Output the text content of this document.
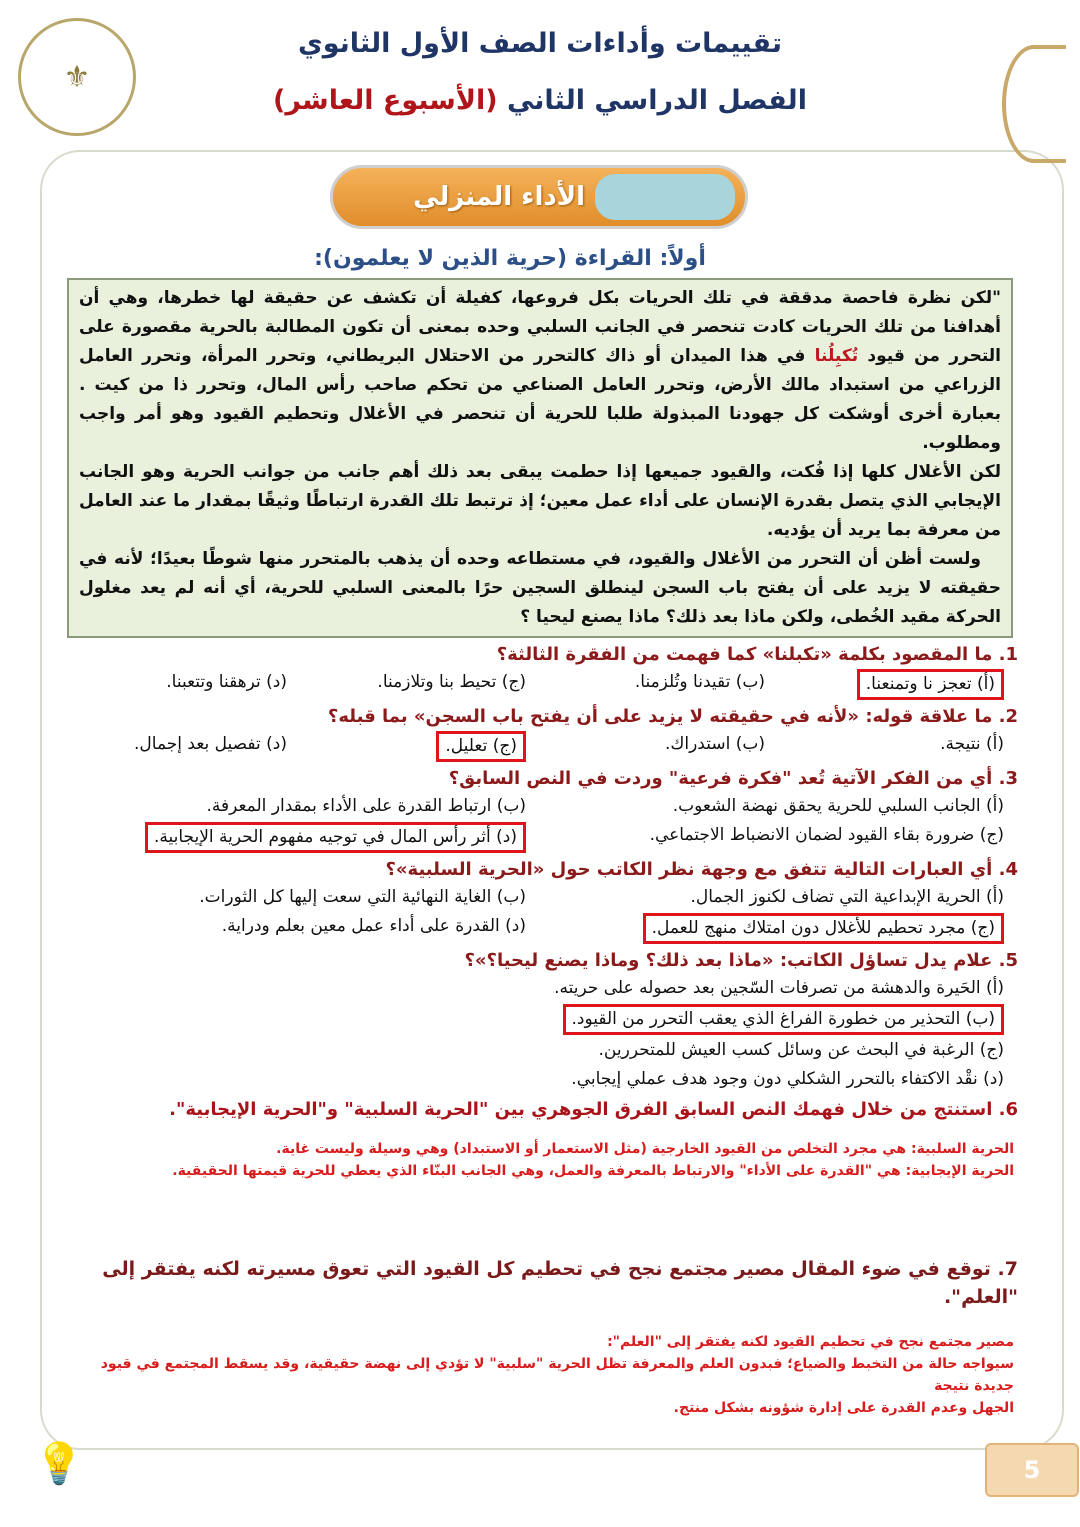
⚜
تقييمات وأداءات الصف الأول الثانوي
الفصل الدراسي الثاني (الأسبوع العاشر)
الأداء المنزلي
أولاً: القراءة (حرية الذين لا يعلمون):

"لكن نظرة فاحصة مدققة في تلك الحريات بكل فروعها، كفيلة أن تكشف عن حقيقة لها خطرها، وهي أن أهدافنا من تلك الحريات كادت تنحصر في الجانب السلبي وحده بمعنى أن تكون المطالبة بالحرية مقصورة على التحرر من قيود تُكبِلُنا في هذا الميدان أو ذاك كالتحرر من الاحتلال البريطاني، وتحرر المرأة، وتحرر العامل الزراعي من استبداد مالك الأرض، وتحرر العامل الصناعي من تحكم صاحب رأس المال، وتحرر ذا من كيت . بعبارة أخرى أوشكت كل جهودنا المبذولة طلبا للحرية أن تنحصر في الأغلال وتحطيم القيود وهو أمر واجب ومطلوب.

لكن الأغلال كلها إذا فُكت، والقيود جميعها إذا حطمت يبقى بعد ذلك أهم جانب من جوانب الحرية وهو الجانب الإيجابي الذي يتصل بقدرة الإنسان على أداء عمل معين؛ إذ ترتبط تلك القدرة ارتباطًا وثيقًا بمقدار ما عند العامل من معرفة بما يريد أن يؤديه.

ولست أظن أن التحرر من الأغلال والقيود، في مستطاعه وحده أن يذهب بالمتحرر منها شوطًا بعيدًا؛ لأنه في حقيقته لا يزيد على أن يفتح باب السجن لينطلق السجين حرًا بالمعنى السلبي للحرية، أي أنه لم يعد مغلول الحركة مقيد الخُطى، ولكن ماذا بعد ذلك؟ ماذا يصنع ليحيا ؟

1. ما المقصود بكلمة «تكبلنا» كما فهمت من الفقرة الثالثة؟
(أ) تعجز نا وتمنعنا.
(ب) تقيدنا وتُلزمنا.
(ج) تحيط بنا وتلازمنا.
(د) ترهقنا وتتعبنا.
2. ما علاقة قوله: «لأنه في حقيقته لا يزيد على أن يفتح باب السجن» بما قبله؟
(أ) نتيجة.
(ب) استدراك.
(ج) تعليل.
(د) تفصيل بعد إجمال.
3. أي من الفكر الآتية تُعد "فكرة فرعية" وردت في النص السابق؟
(أ) الجانب السلبي للحرية يحقق نهضة الشعوب.
(ب) ارتباط القدرة على الأداء بمقدار المعرفة.
(ج) ضرورة بقاء القيود لضمان الانضباط الاجتماعي.
(د) أثر رأس المال في توجيه مفهوم الحرية الإيجابية.
4. أي العبارات التالية تتفق مع وجهة نظر الكاتب حول «الحرية السلبية»؟
(أ) الحرية الإبداعية التي تضاف لكنوز الجمال.
(ب) الغاية النهائية التي سعت إليها كل الثورات.
(ج) مجرد تحطيم للأغلال دون امتلاك منهج للعمل.
(د) القدرة على أداء عمل معين بعلم ودراية.
5. علام يدل تساؤل الكاتب: «ماذا بعد ذلك؟ وماذا يصنع ليحيا؟»؟
(أ) الحَيرة والدهشة من تصرفات السّجين بعد حصوله على حريته.
(ب) التحذير من خطورة الفراغ الذي يعقب التحرر من القيود.
(ج) الرغبة في البحث عن وسائل كسب العيش للمتحررين.
(د) نقْد الاكتفاء بالتحرر الشكلي دون وجود هدف عملي إيجابي.
6. استنتج من خلال فهمك النص السابق الفرق الجوهري بين "الحرية السلبية" و"الحرية الإيجابية".
الحرية السلبية: هي مجرد التخلص من القيود الخارجية (مثل الاستعمار أو الاستبداد) وهي وسيلة وليست غاية.
الحرية الإيجابية: هي "القدرة على الأداء" والارتباط بالمعرفة والعمل، وهي الجانب البنّاء الذي يعطي للحرية قيمتها الحقيقية.
7. توقع في ضوء المقال مصير مجتمع نجح في تحطيم كل القيود التي تعوق مسيرته لكنه يفتقر إلى "العلم".
مصير مجتمع نجح في تحطيم القيود لكنه يفتقر إلى "العلم":
سيواجه حالة من التخبط والضياع؛ فبدون العلم والمعرفة تظل الحرية "سلبية" لا تؤدي إلى نهضة حقيقية، وقد يسقط المجتمع في قيود جديدة نتيجة
الجهل وعدم القدرة على إدارة شؤونه بشكل منتج.
💡	5
